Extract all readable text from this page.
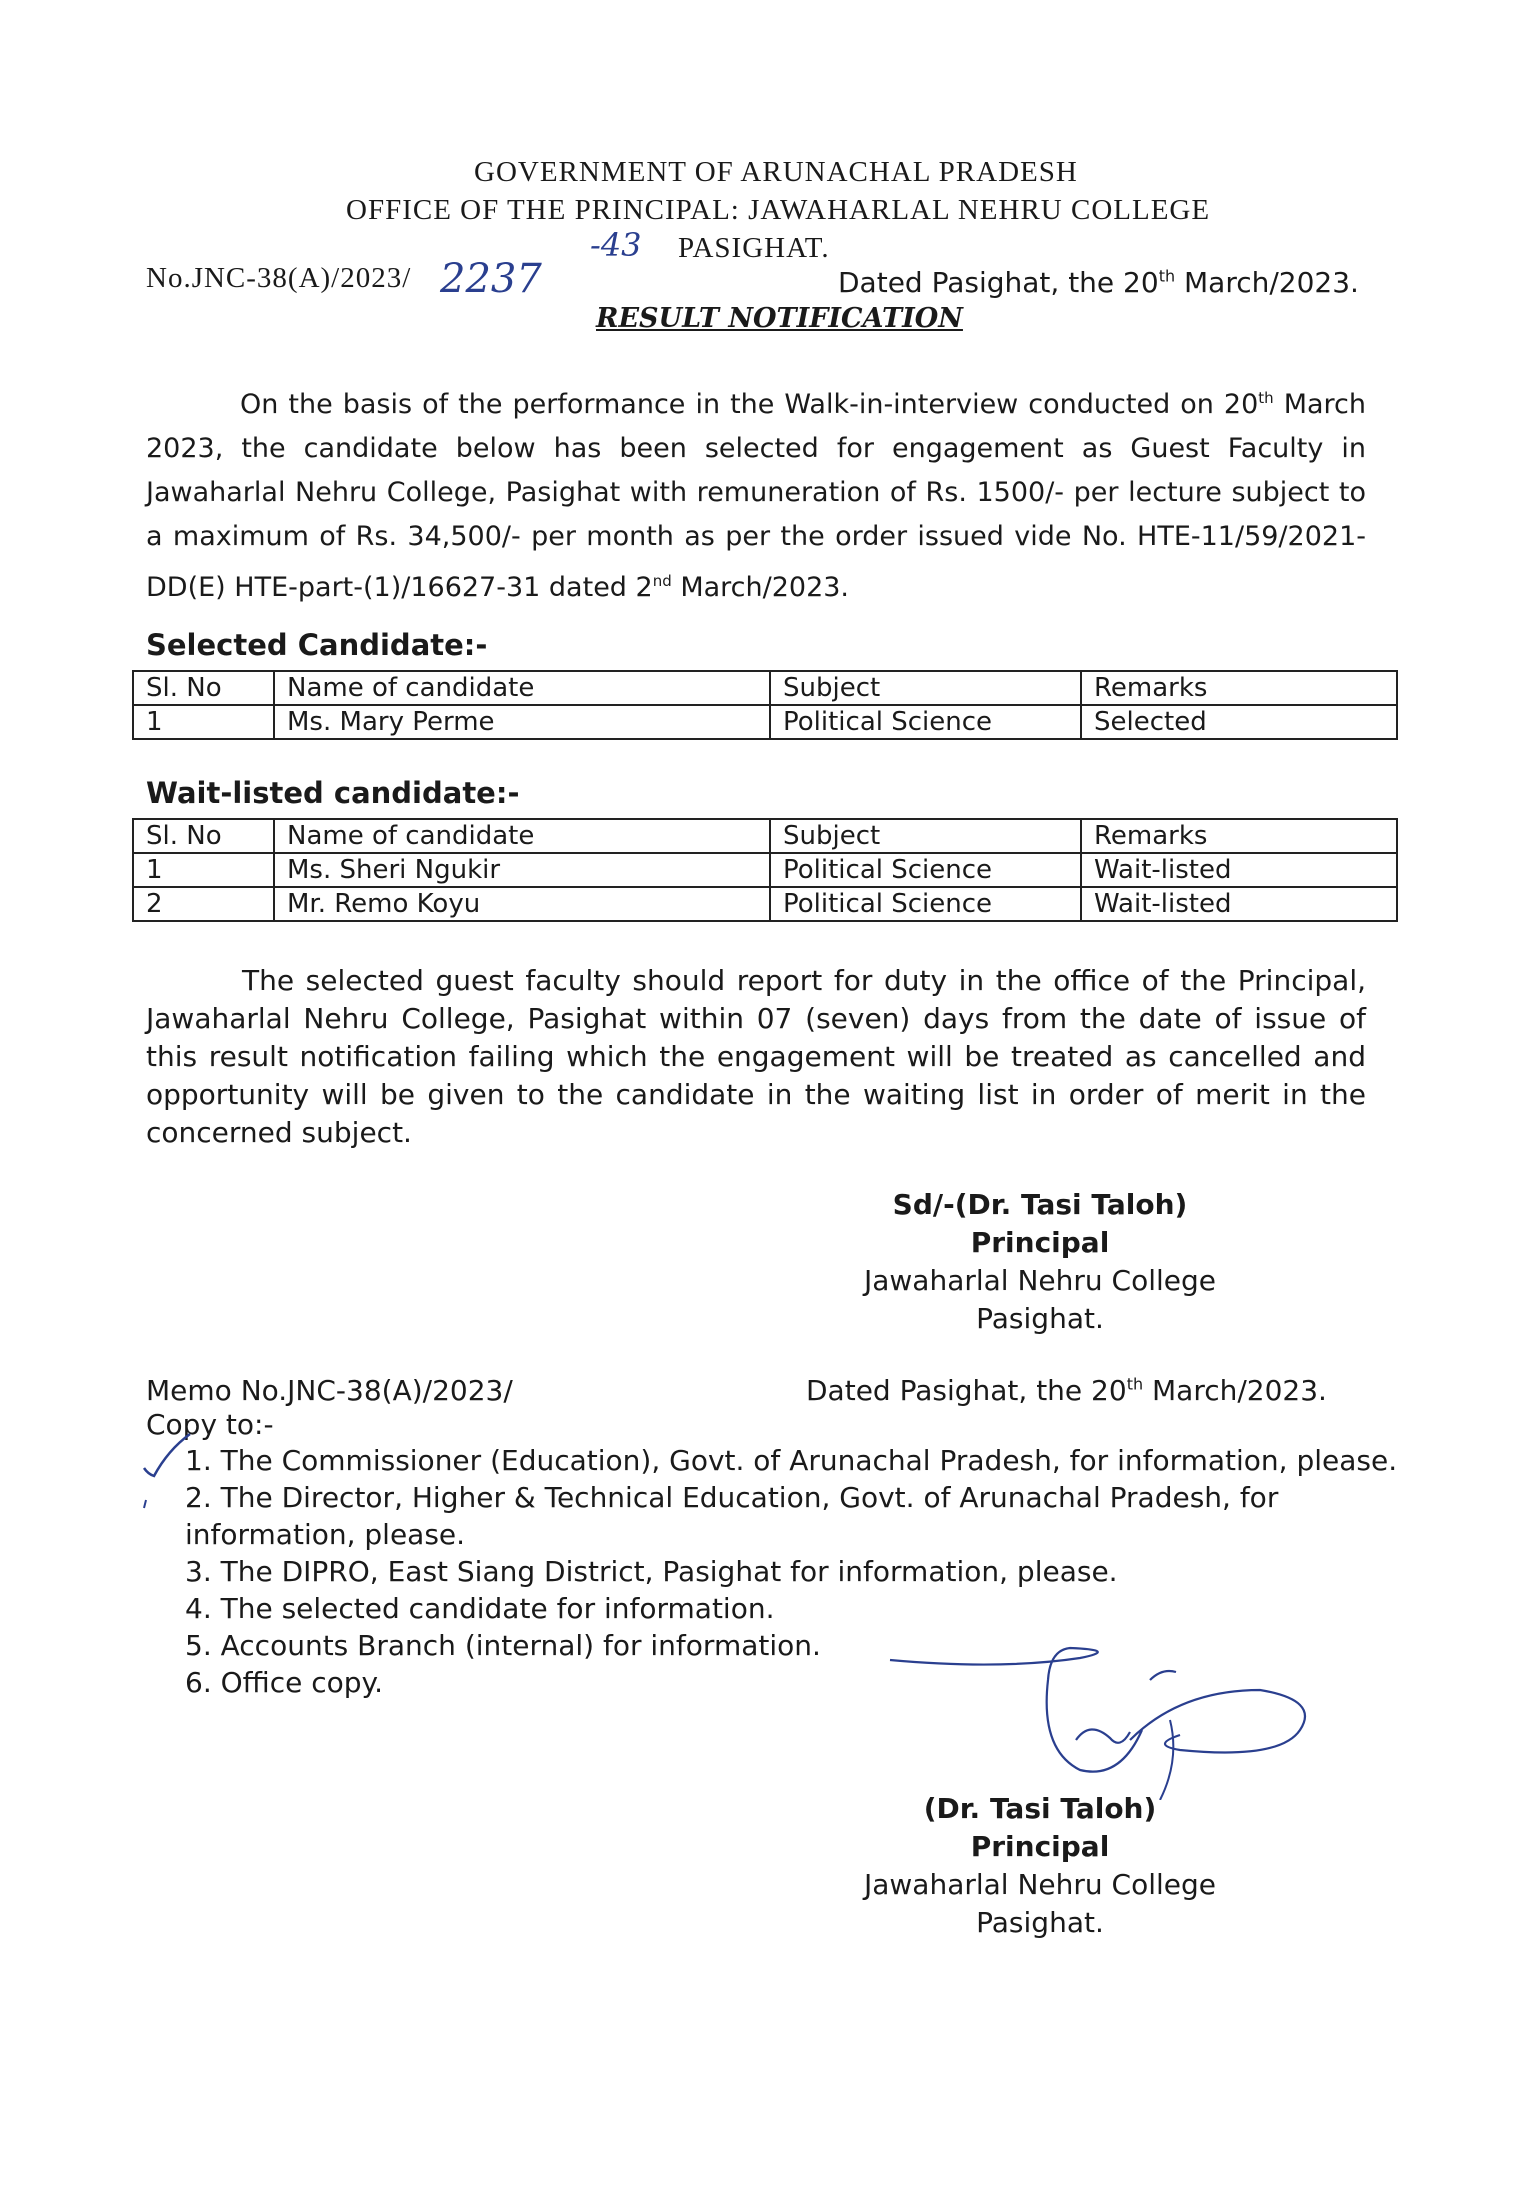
GOVERNMENT OF ARUNACHAL PRADESH
OFFICE OF THE PRINCIPAL: JAWAHARLAL NEHRU COLLEGE
PASIGHAT.
No.JNC-38(A)/2023/ 2237
-43
Dated Pasighat, the 20th March/2023.
RESULT NOTIFICATION
On the basis of the performance in the Walk-in-interview conducted on 20th March 2023, the candidate below has been selected for engagement as Guest Faculty in Jawaharlal Nehru College, Pasighat with remuneration of Rs. 1500/- per lecture subject to a maximum of Rs. 34,500/- per month as per the order issued vide No. HTE-11/59/2021-DD(E) HTE-part-(1)/16627-31 dated 2nd March/2023.
Selected Candidate:-
Sl. No	Name of candidate	Subject	Remarks
1	Ms. Mary Perme	Political Science	Selected
Wait-listed candidate:-
Sl. No	Name of candidate	Subject	Remarks
1	Ms. Sheri Ngukir	Political Science	Wait-listed
2	Mr. Remo Koyu	Political Science	Wait-listed
The selected guest faculty should report for duty in the office of the Principal, Jawaharlal Nehru College, Pasighat within 07 (seven) days from the date of issue of this result notification failing which the engagement will be treated as cancelled and opportunity will be given to the candidate in the waiting list in order of merit in the concerned subject.
Sd/-(Dr. Tasi Taloh)
Principal
Jawaharlal Nehru College
Pasighat.
Memo No.JNC-38(A)/2023/	Dated Pasighat, the 20th March/2023.
Copy to:-
1. The Commissioner (Education), Govt. of Arunachal Pradesh, for information, please.
2. The Director, Higher & Technical Education, Govt. of Arunachal Pradesh, for
information, please.
3. The DIPRO, East Siang District, Pasighat for information, please.
4. The selected candidate for information.
5. Accounts Branch (internal) for information.
6. Office copy.
(Dr. Tasi Taloh)
Principal
Jawaharlal Nehru College
Pasighat.
